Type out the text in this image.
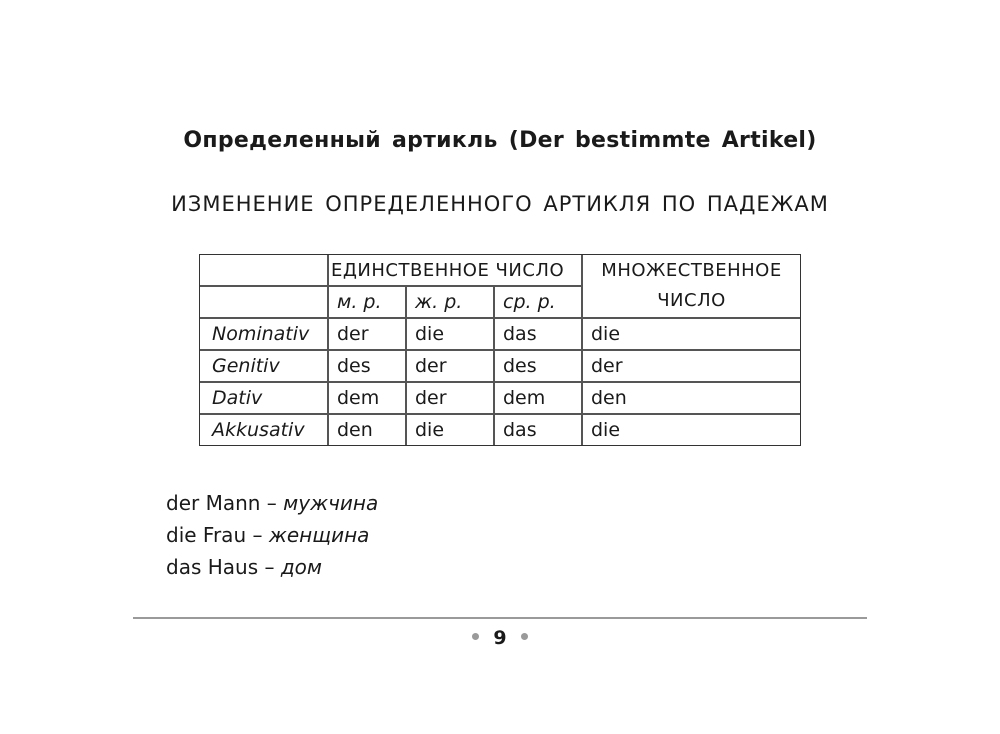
Определенный артикль (Der bestimmte Artikel)
ИЗМЕНЕНИЕ ОПРЕДЕЛЕННОГО АРТИКЛЯ ПО ПАДЕЖАМ
	ЕДИНСТВЕННОЕ ЧИСЛО			МНОЖЕСТВЕННОЕ
ЧИСЛО
	м. р.	ж. р.	ср. р.	
Nominativ	der	die	das	die
Genitiv	des	der	des	der
Dativ	dem	der	dem	den
Akkusativ	den	die	das	die
der Mann – мужчина
die Frau – женщина
das Haus – дом
9
